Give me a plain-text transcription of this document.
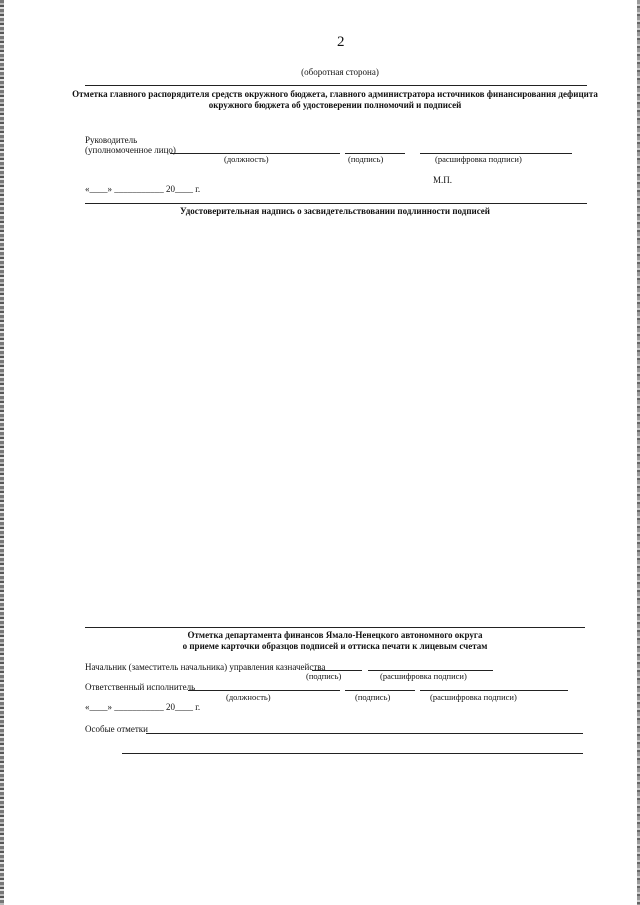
2
(оборотная сторона)
Отметка главного распорядителя средств окружного бюджета, главного администратора источников финансирования дефицита
окружного бюджета об удостоверении полномочий и подписей
Руководитель
(уполномоченное лицо)
(должность)	(подпись)	(расшифровка подписи)
М.П.
«____» ___________ 20____ г.
Удостоверительная надпись о засвидетельствовании подлинности подписей
Отметка департамента финансов Ямало-Ненецкого автономного округа
о приеме карточки образцов подписей и оттиска печати к лицевым счетам
Начальник (заместитель начальника) управления казначейства
(подпись)	(расшифровка подписи)
Ответственный исполнитель
(должность)	(подпись)	(расшифровка подписи)
«____» ___________ 20____ г.
Особые отметки
